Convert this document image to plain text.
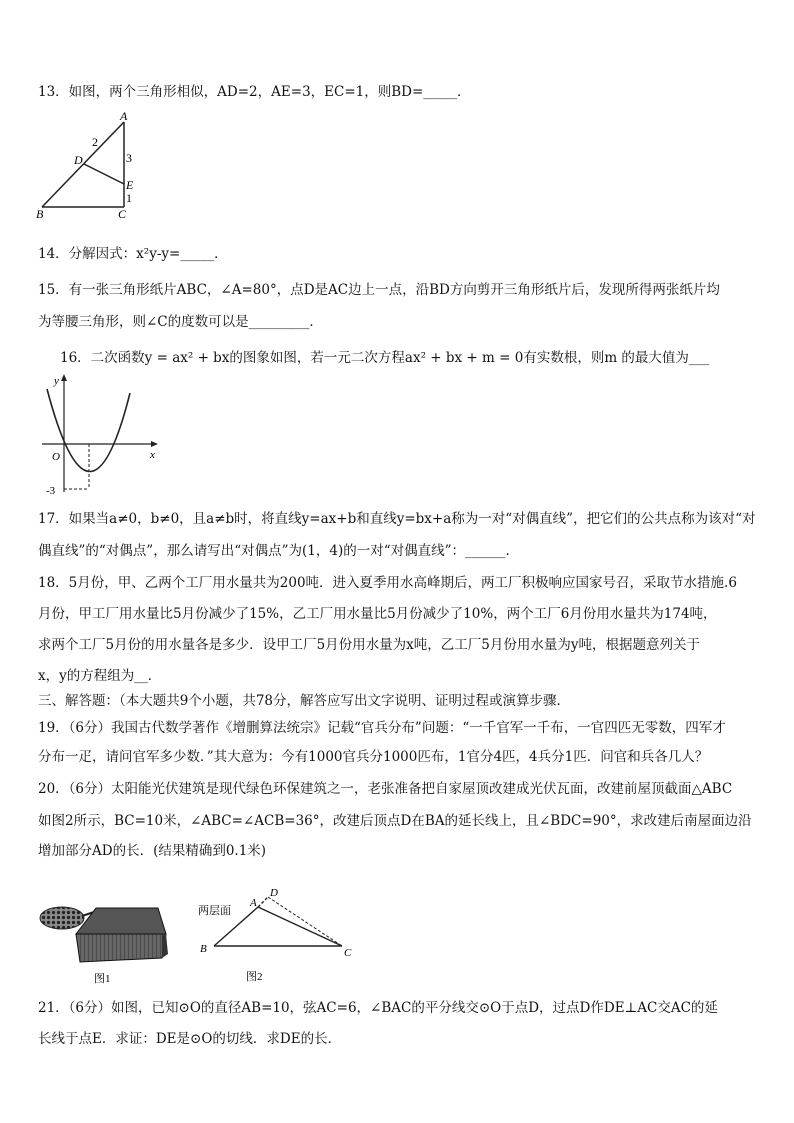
13．如图，两个三角形相似，AD=2，AE=3，EC=1，则BD=_____．
A
B	C
D
E
2
3
1
14．分解因式：x²y-y=_____．
15．有一张三角形纸片ABC，∠A=80°，点D是AC边上一点，沿BD方向剪开三角形纸片后，发现所得两张纸片均
为等腰三角形，则∠C的度数可以是_________．
16．二次函数y = ax² + bx的图象如图，若一元二次方程ax² + bx + m = 0有实数根，则m 的最大值为___
y
x
O
-3
17．如果当a≠0，b≠0，且a≠b时，将直线y=ax+b和直线y=bx+a称为一对“对偶直线”，把它们的公共点称为该对“对
偶直线”的“对偶点”，那么请写出“对偶点”为(1，4)的一对“对偶直线”：______．
18．5月份，甲、乙两个工厂用水量共为200吨．进入夏季用水高峰期后，两工厂积极响应国家号召，采取节水措施.6
月份，甲工厂用水量比5月份减少了15%，乙工厂用水量比5月份减少了10%，两个工厂6月份用水量共为174吨，
求两个工厂5月份的用水量各是多少．设甲工厂5月份用水量为x吨，乙工厂5月份用水量为y吨，根据题意列关于
x，y的方程组为__．
三、解答题：（本大题共9个小题，共78分，解答应写出文字说明、证明过程或演算步骤．
19．（6分）我国古代数学著作《增删算法统宗》记载“官兵分布”问题：“一千官军一千布，一官四匹无零数，四军才
分布一疋，请问官军多少数．”其大意为：今有1000官兵分1000匹布，1官分4匹，4兵分1匹．问官和兵各几人？
20．（6分）太阳能光伏建筑是现代绿色环保建筑之一，老张准备把自家屋顶改建成光伏瓦面，改建前屋顶截面△ABC
如图2所示，BC=10米，∠ABC=∠ACB=36°，改建后顶点D在BA的延长线上，且∠BDC=90°，求改建后南屋面边沿
增加部分AD的长．(结果精确到0.1米)
图1
两层面
A
D
B	C
图2
21．（6分）如图，已知⊙O的直径AB=10，弦AC=6，∠BAC的平分线交⊙O于点D，过点D作DE⊥AC交AC的延
长线于点E．求证：DE是⊙O的切线．求DE的长．
